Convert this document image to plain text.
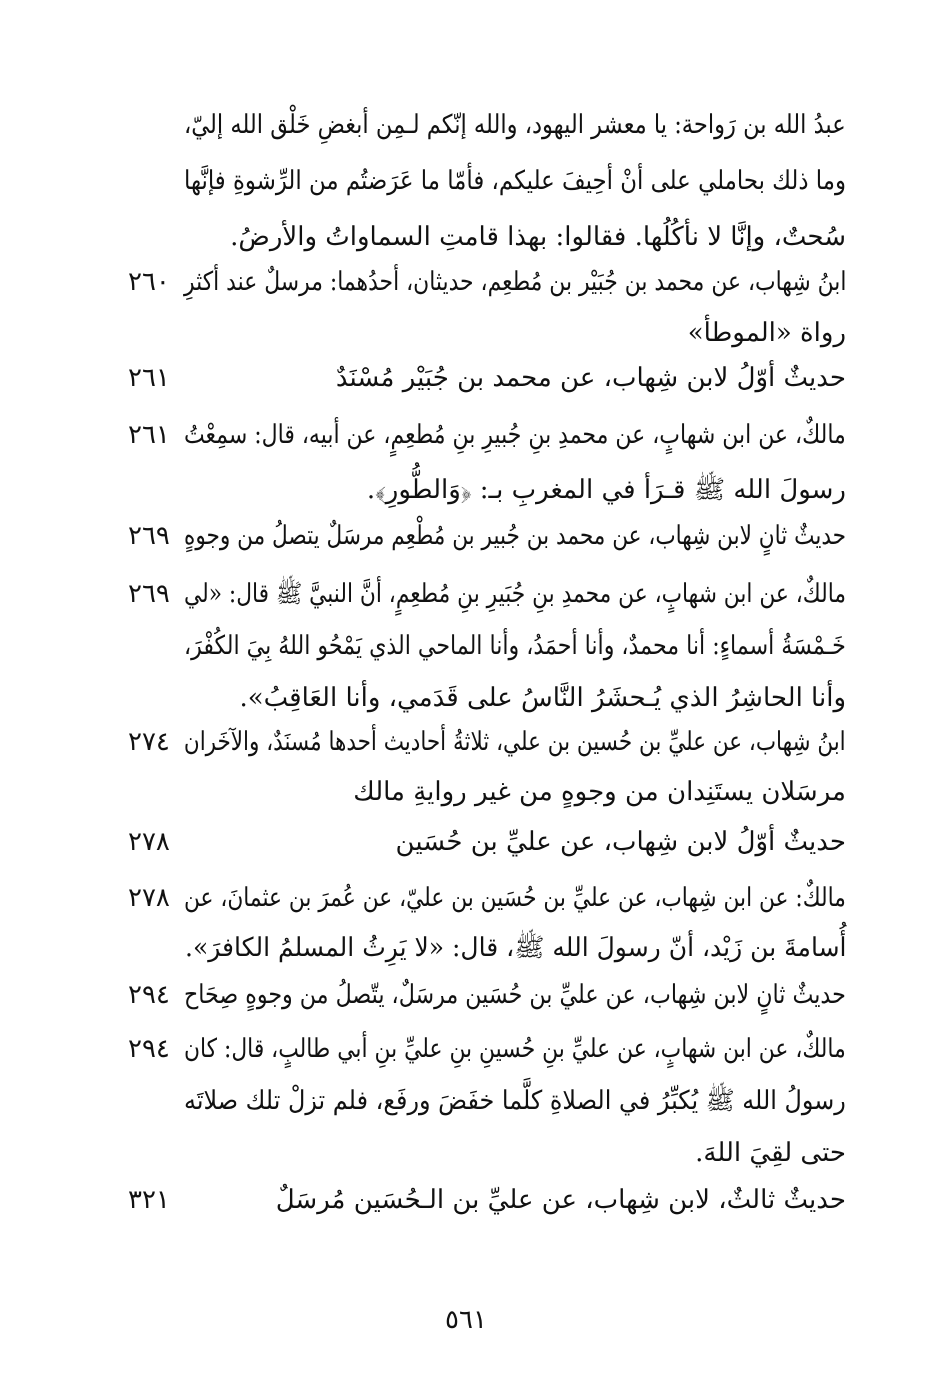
عبدُ الله بن رَواحة: يا معشر اليهود، والله إنّكم لـمِن أبغضِ خَلْق الله إليّ،
وما ذلك بحاملي على أنْ أحِيفَ عليكم، فأمّا ما عَرَضتُم من الرِّشوةِ فإنَّها
سُحتٌ، وإنَّا لا نأكُلُها. فقالوا: بهذا قامتِ السماواتُ والأرضُ.
ابنُ شِهاب، عن محمد بن جُبَيْر بن مُطعِم، حديثان، أحدُهما: مرسلٌ عند أكثرِ
٢٦٠
رواة «الموطأ»
حديثٌ أوّلُ لابن شِهاب، عن محمد بن جُبَيْر مُسْنَدٌ
٢٦١
مالكٌ، عن ابن شهابٍ، عن محمدِ بنِ جُبيرِ بنِ مُطعِمٍ، عن أبيه، قال: سمِعْتُ
٢٦١
رسولَ الله ﷺ قـرَأ في المغربِ بـ: ﴿وَالطُّورِ﴾.
حديثٌ ثانٍ لابن شِهاب، عن محمد بن جُبير بن مُطْعِم مرسَلٌ يتصلُ من وجوهٍ
٢٦٩
مالكٌ، عن ابن شهابٍ، عن محمدِ بنِ جُبَيرِ بنِ مُطعِمٍ، أنَّ النبيَّ ﷺ قال: «لي
٢٦٩
خَـمْسَةُ أسماءٍ: أنا محمدٌ، وأنا أحمَدُ، وأنا الماحي الذي يَمْحُو اللهُ بِيَ الكُفْرَ،
وأنا الحاشِرُ الذي يُـحشَرُ النَّاسُ على قَدَمي، وأنا العَاقِبُ».
ابنُ شِهاب، عن عليِّ بن حُسين بن علي، ثلاثةُ أحاديث أحدها مُسنَدٌ، والآخَران
٢٧٤
مرسَلان يستَنِدان من وجوهٍ من غير روايةِ مالك
حديثٌ أوّلُ لابن شِهاب، عن عليِّ بن حُسَين
٢٧٨
مالكٌ: عن ابن شِهاب، عن عليِّ بن حُسَين بن عليّ، عن عُمرَ بن عثمانَ، عن
٢٧٨
أُسامةَ بن زَيْد، أنّ رسولَ الله ﷺ، قال: «لا يَرِثُ المسلمُ الكافرَ».
حديثٌ ثانٍ لابن شِهاب، عن عليِّ بن حُسَين مرسَلٌ، يتّصلُ من وجوهٍ صِحَاح
٢٩٤
مالكٌ، عن ابن شهابٍ، عن عليِّ بنِ حُسينِ بنِ عليِّ بنِ أبي طالبٍ، قال: كان
٢٩٤
رسولُ الله ﷺ يُكبِّرُ في الصلاةِ كلَّما خفَضَ ورفَع، فلم تزلْ تلك صلاتَه
حتى لقِيَ اللهَ.
حديثٌ ثالثٌ، لابن شِهاب، عن عليِّ بن الـحُسَين مُرسَلٌ
٣٢١
٥٦١
